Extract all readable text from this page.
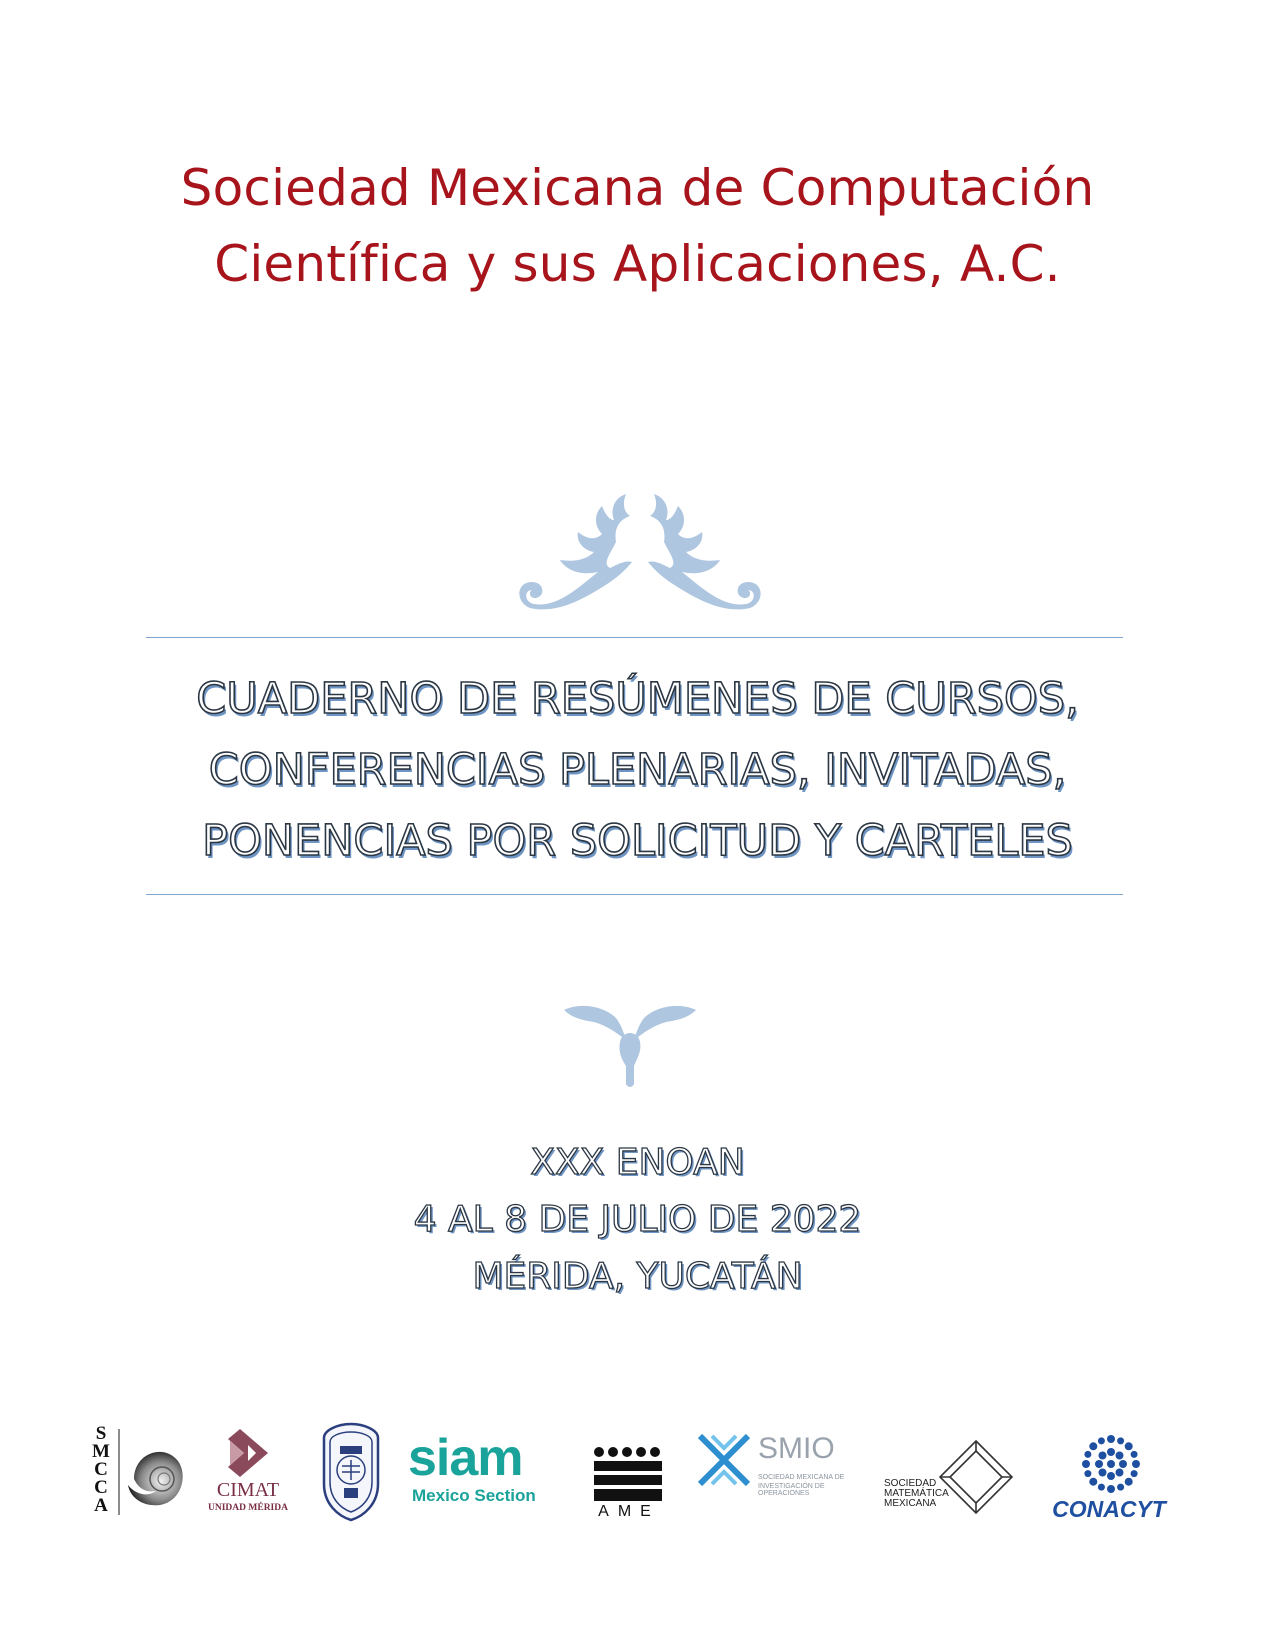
Sociedad Mexicana de Computación
Científica y sus Aplicaciones, A.C.
CUADERNO DE RESÚMENES DE CURSOS,
CONFERENCIAS PLENARIAS, INVITADAS,
PONENCIAS POR SOLICITUD Y CARTELES
XXX ENOAN
4 AL 8 DE JULIO DE 2022
MÉRIDA, YUCATÁN
SMCCA
CIMAT
UNIDAD MÉRIDA
siam
Mexico Section
AME
SMIO
SOCIEDAD MEXICANA DE
INVESTIGACIÓN DE OPERACIONES
SOCIEDAD
MATEMÁTICA
MEXICANA	CONACYT
